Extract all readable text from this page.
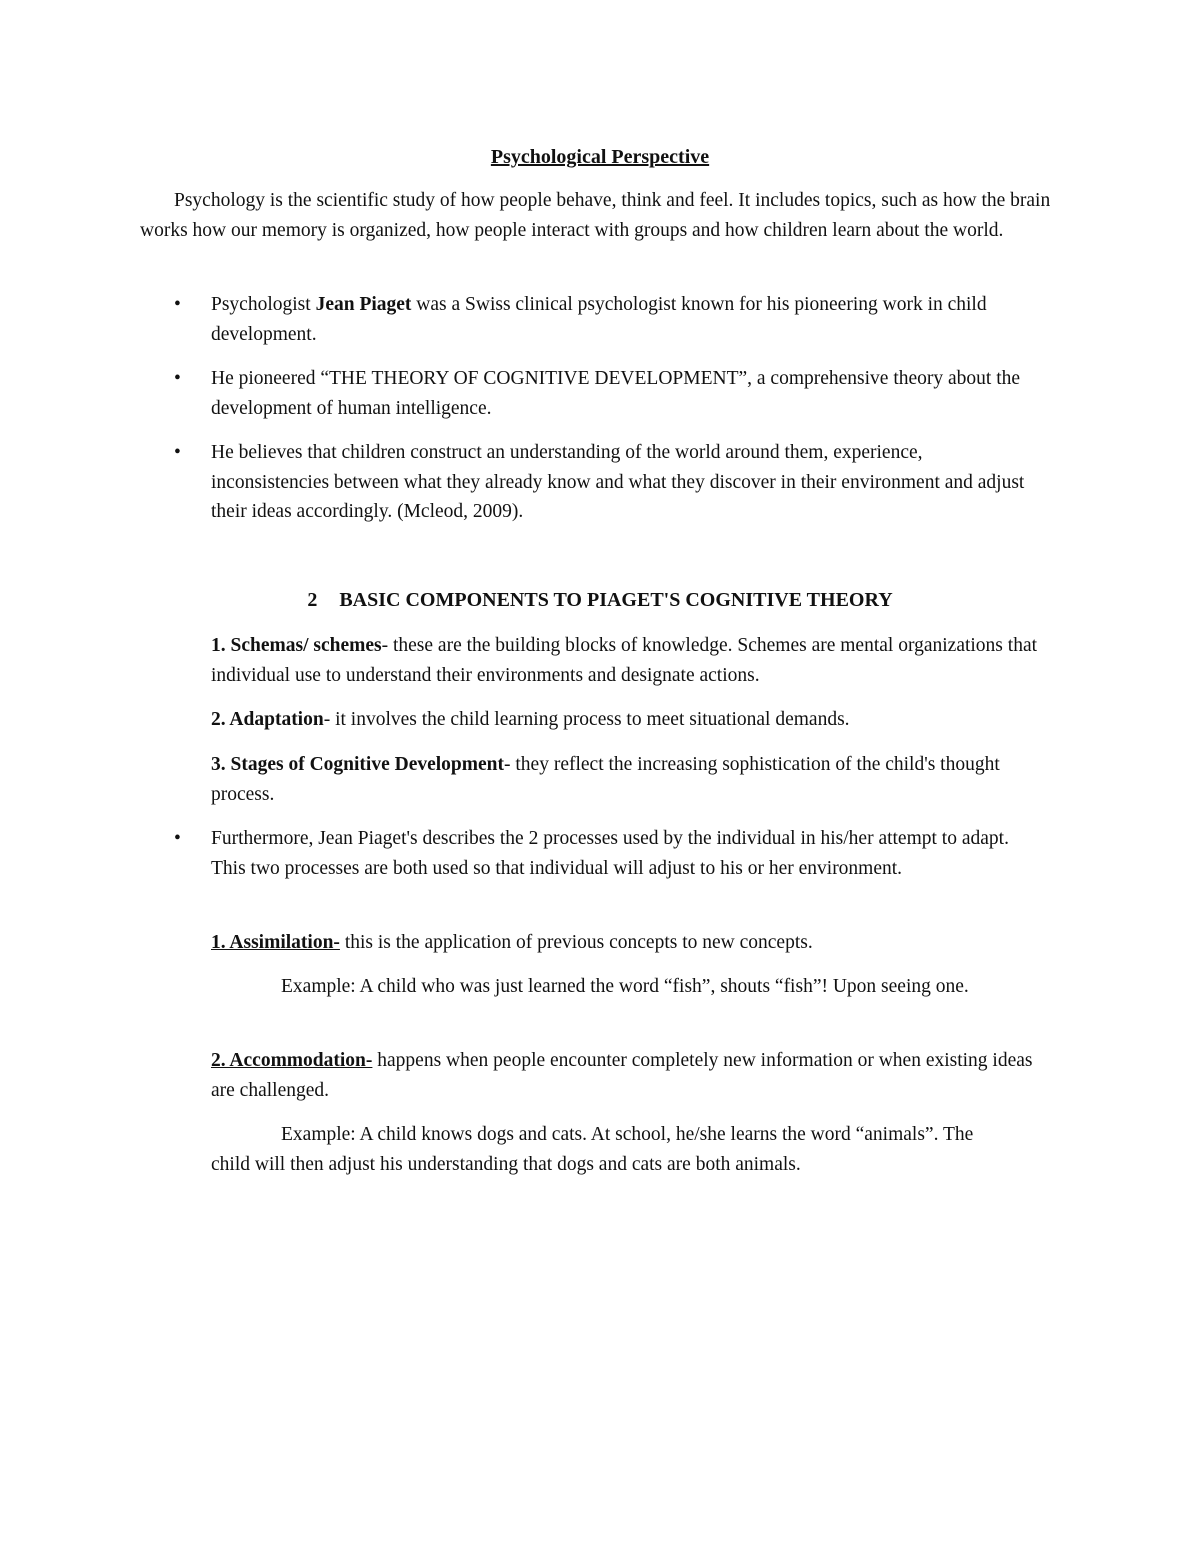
Psychological Perspective

Psychology is the scientific study of how people behave, think and feel. It includes topics, such as how the brain works how our memory is organized, how people interact with groups and how children learn about the world.

•	Psychologist Jean Piaget was a Swiss clinical psychologist known for his pioneering work in child development.
•	He pioneered “THE THEORY OF COGNITIVE DEVELOPMENT”, a comprehensive theory about the development of human intelligence.
•	He believes that children construct an understanding of the world around them, experience, inconsistencies between what they already know and what they discover in their environment and adjust their ideas accordingly. (Mcleod, 2009).
2 BASIC COMPONENTS TO PIAGET'S COGNITIVE THEORY
1. Schemas/ schemes- these are the building blocks of knowledge. Schemes are mental organizations that individual use to understand their environments and designate actions.
2. Adaptation- it involves the child learning process to meet situational demands.
3. Stages of Cognitive Development- they reflect the increasing sophistication of the child's thought process.
•	Furthermore, Jean Piaget's describes the 2 processes used by the individual in his/her attempt to adapt. This two processes are both used so that individual will adjust to his or her environment.
1. Assimilation- this is the application of previous concepts to new concepts.
Example: A child who was just learned the word “fish”, shouts “fish”! Upon seeing one.
2. Accommodation- happens when people encounter completely new information or when existing ideas are challenged.
Example: A child knows dogs and cats. At school, he/she learns the word “animals”. The child will then adjust his understanding that dogs and cats are both animals.
